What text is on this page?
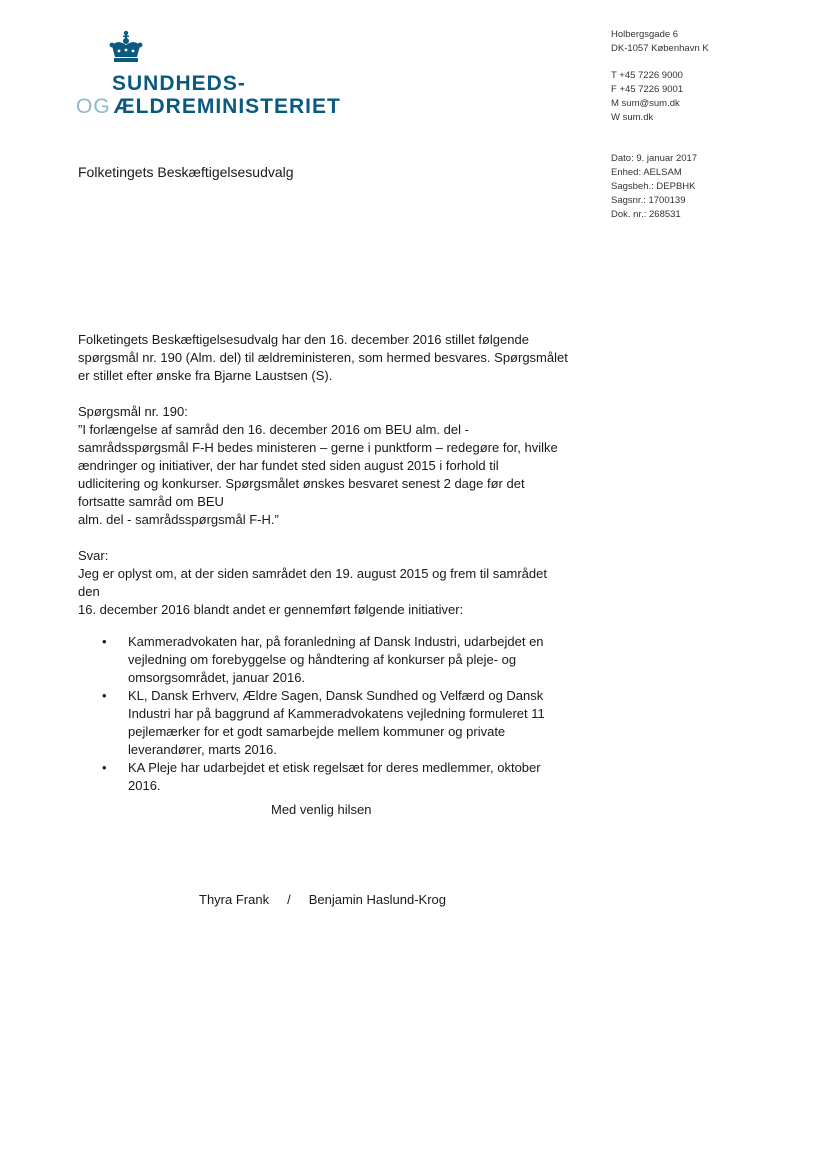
SUNDHEDS-
OG ÆLDREMINISTERIET
Holbergsgade 6
DK-1057 København K
T +45 7226 9000
F +45 7226 9001
M sum@sum.dk
W sum.dk
Dato: 9. januar 2017
Enhed: AELSAM
Sagsbeh.: DEPBHK
Sagsnr.: 1700139
Dok. nr.: 268531
Folketingets Beskæftigelsesudvalg

Folketingets Beskæftigelsesudvalg har den 16. december 2016 stillet følgende

spørgsmål nr. 190 (Alm. del) til ældreministeren, som hermed besvares. Spørgsmålet

er stillet efter ønske fra Bjarne Laustsen (S).

Spørgsmål nr. 190:

”I forlængelse af samråd den 16. december 2016 om BEU alm. del -

samrådsspørgsmål F-H bedes ministeren – gerne i punktform – redegøre for, hvilke

ændringer og initiativer, der har fundet sted siden august 2015 i forhold til

udlicitering og konkurser. Spørgsmålet ønskes besvaret senest 2 dage før det

fortsatte samråd om BEU

alm. del - samrådsspørgsmål F-H.”

Svar:

Jeg er oplyst om, at der siden samrådet den 19. august 2015 og frem til samrådet den

16. december 2016 blandt andet er gennemført følgende initiativer:

• Kammeradvokaten har, på foranledning af Dansk Industri, udarbejdet en

vejledning om forebyggelse og håndtering af konkurser på pleje- og

omsorgsområdet, januar 2016.

• KL, Dansk Erhverv, Ældre Sagen, Dansk Sundhed og Velfærd og Dansk

Industri har på baggrund af Kammeradvokatens vejledning formuleret 11

pejlemærker for et godt samarbejde mellem kommuner og private

leverandører, marts 2016.

• KA Pleje har udarbejdet et etisk regelsæt for deres medlemmer, oktober

2016.

Med venlig hilsen
Thyra Frank / Benjamin Haslund-Krog
